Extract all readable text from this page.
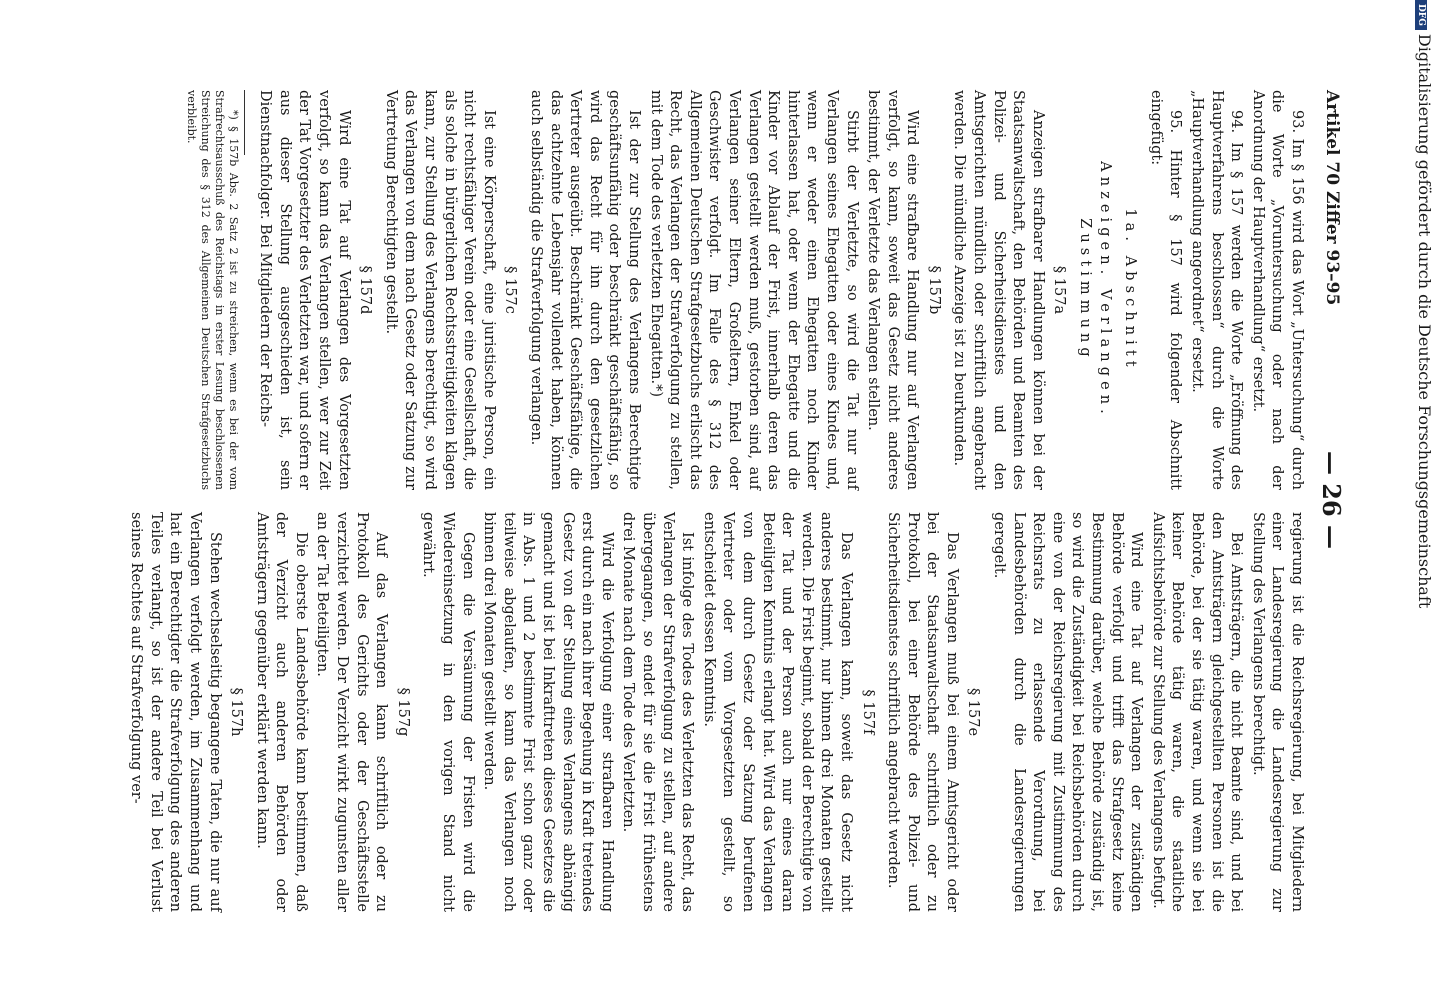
DFGDigitalisierung gefördert durch die Deutsche Forschungsgemeinschaft
Artikel 70 Ziffer 93–95
— 26 —

93. Im § 156 wird das Wort „Untersuchung“ durch die Worte „Voruntersuchung oder nach der Anordnung der Hauptverhandlung“ ersetzt.

94. Im § 157 werden die Worte „Eröffnung des Hauptverfahrens beschlossen“ durch die Worte „Hauptverhandlung angeordnet“ ersetzt.

95. Hinter § 157 wird folgender Abschnitt eingefügt:

1a. Abschnitt
Anzeigen. Verlangen. Zustimmung
§ 157a

Anzeigen strafbarer Handlungen können bei der Staatsanwaltschaft, den Behörden und Beamten des Polizei- und Sicherheitsdienstes und den Amtsgerichten mündlich oder schriftlich angebracht werden. Die mündliche Anzeige ist zu beurkunden.

§ 157b

Wird eine strafbare Handlung nur auf Verlangen verfolgt, so kann, soweit das Gesetz nicht anderes bestimmt, der Verletzte das Verlangen stellen.

Stirbt der Verletzte, so wird die Tat nur auf Verlangen seines Ehegatten oder eines Kindes und, wenn er weder einen Ehegatten noch Kinder hinterlassen hat, oder wenn der Ehegatte und die Kinder vor Ablauf der Frist, innerhalb deren das Verlangen gestellt werden muß, gestorben sind, auf Verlangen seiner Eltern, Großeltern, Enkel oder Geschwister verfolgt. Im Falle des § 312 des Allgemeinen Deutschen Strafgesetzbuchs erlischt das Recht, das Verlangen der Strafverfolgung zu stellen, mit dem Tode des verletzten Ehegatten.*)

Ist der zur Stellung des Verlangens Berechtigte geschäftsunfähig oder beschränkt geschäftsfähig, so wird das Recht für ihn durch den gesetzlichen Vertreter ausgeübt. Beschränkt Geschäftsfähige, die das achtzehnte Lebensjahr vollendet haben, können auch selbständig die Strafverfolgung verlangen.

§ 157c

Ist eine Körperschaft, eine juristische Person, ein nicht rechtsfähiger Verein oder eine Gesellschaft, die als solche in bürgerlichen Rechtsstreitigkeiten klagen kann, zur Stellung des Verlangens berechtigt, so wird das Verlangen von dem nach Gesetz oder Satzung zur Vertretung Berechtigten gestellt.

§ 157d

Wird eine Tat auf Verlangen des Vorgesetzten verfolgt, so kann das Verlangen stellen, wer zur Zeit der Tat Vorgesetzter des Verletzten war, und sofern er aus dieser Stellung ausgeschieden ist, sein Dienstnachfolger. Bei Mitgliedern der Reichs-

*) § 157b Abs. 2 Satz 2 ist zu streichen, wenn es bei der vom Strafrechtsausschuß des Reichstags in erster Lesung beschlossenen Streichung des § 312 des Allgemeinen Deutschen Strafgesetzbuchs verbleibt.

regierung ist die Reichsregierung, bei Mitgliedern einer Landesregierung die Landesregierung zur Stellung des Verlangens berechtigt.

Bei Amtsträgern, die nicht Beamte sind, und bei den Amtsträgern gleichgestellten Personen ist die Behörde, bei der sie tätig waren, und wenn sie bei keiner Behörde tätig waren, die staatliche Aufsichtsbehörde zur Stellung des Verlangens befugt.

Wird eine Tat auf Verlangen der zuständigen Behörde verfolgt und trifft das Strafgesetz keine Bestimmung darüber, welche Behörde zuständig ist, so wird die Zuständigkeit bei Reichsbehörden durch eine von der Reichsregierung mit Zustimmung des Reichsrats zu erlassende Verordnung, bei Landesbehörden durch die Landesregierungen geregelt.

§ 157e

Das Verlangen muß bei einem Amtsgericht oder bei der Staatsanwaltschaft schriftlich oder zu Protokoll, bei einer Behörde des Polizei- und Sicherheitsdienstes schriftlich angebracht werden.

§ 157f

Das Verlangen kann, soweit das Gesetz nicht anderes bestimmt, nur binnen drei Monaten gestellt werden. Die Frist beginnt, sobald der Berechtigte von der Tat und der Person auch nur eines daran Beteiligten Kenntnis erlangt hat. Wird das Verlangen von dem durch Gesetz oder Satzung berufenen Vertreter oder vom Vorgesetzten gestellt, so entscheidet dessen Kenntnis.

Ist infolge des Todes des Verletzten das Recht, das Verlangen der Strafverfolgung zu stellen, auf andere übergegangen, so endet für sie die Frist frühestens drei Monate nach dem Tode des Verletzten.

Wird die Verfolgung einer strafbaren Handlung erst durch ein nach ihrer Begehung in Kraft tretendes Gesetz von der Stellung eines Verlangens abhängig gemacht und ist bei Inkrafttreten dieses Gesetzes die in Abs. 1 und 2 bestimmte Frist schon ganz oder teilweise abgelaufen, so kann das Verlangen noch binnen drei Monaten gestellt werden.

Gegen die Versäumung der Fristen wird die Wiedereinsetzung in den vorigen Stand nicht gewährt.

§ 157g

Auf das Verlangen kann schriftlich oder zu Protokoll des Gerichts oder der Geschäftsstelle verzichtet werden. Der Verzicht wirkt zugunsten aller an der Tat Beteiligten.

Die oberste Landesbehörde kann bestimmen, daß der Verzicht auch anderen Behörden oder Amtsträgern gegenüber erklärt werden kann.

§ 157h

Stehen wechselseitig begangene Taten, die nur auf Verlangen verfolgt werden, im Zusammenhang und hat ein Berechtigter die Strafverfolgung des anderen Teiles verlangt, so ist der andere Teil bei Verlust seines Rechtes auf Strafverfolgung ver-
